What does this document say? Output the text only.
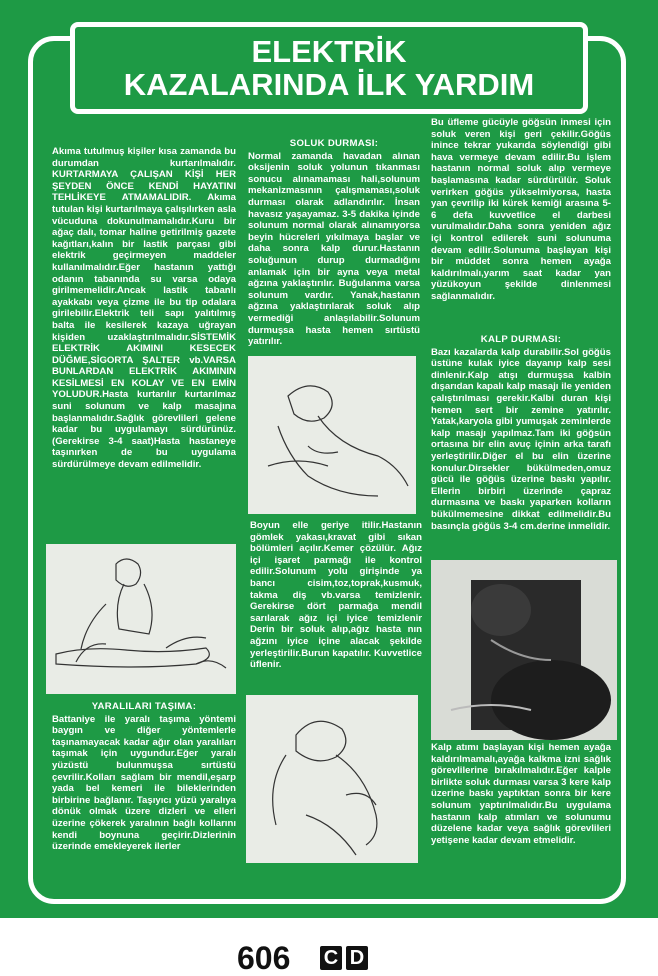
ELEKTRİK
KAZALARINDA İLK YARDIM

Akıma tutulmuş kişiler kısa zamanda bu durumdan kurtarılmalıdır. KURTARMAYA ÇALIŞAN KİŞİ HER ŞEYDEN ÖNCE KENDİ HAYATINI TEHLİKEYE ATMAMALIDIR. Akıma tutulan kişi kurtarılmaya çalışılırken asla vücuduna dokunulmamalıdır.Kuru bir ağaç dalı, tomar haline getirilmiş gazete kağıtları,kalın bir lastik parçası gibi elektrik geçirmeyen maddeler kullanılmalıdır.Eğer hastanın yattığı odanın tabanında su varsa odaya girilmemelidir.Ancak lastik tabanlı ayakkabı veya çizme ile bu tip odalara girilebilir.Elektrik teli sapı yalıtılmış balta ile kesilerek kazaya uğrayan kişiden uzaklaştırılmalıdır.SİSTEMİK ELEKTRİK AKIMINI KESECEK DÜĞME,SİGORTA ŞALTER vb.VARSA BUNLARDAN ELEKTRİK AKIMININ KESİLMESİ EN KOLAY VE EN EMİN YOLUDUR.Hasta kurtarılır kurtarılmaz suni solunum ve kalp masajına başlanmalıdır.Sağlık görevlileri gelene kadar bu uygulamayı sürdürünüz.(Gerekirse 3-4 saat)Hasta hastaneye taşınırken de bu uygulama sürdürülmeye devam edilmelidir.

YARALILARI TAŞIMA:

Battaniye ile yaralı taşıma yöntemi baygın ve diğer yöntemlerle taşınamayacak kadar ağır olan yaralıları taşımak için uygundur.Eğer yaralı yüzüstü bulunmuşsa sırtüstü çevrilir.Kolları sağlam bir mendil,eşarp yada bel kemeri ile bileklerinden birbirine bağlanır. Taşıyıcı yüzü yaralıya dönük olmak üzere dizleri ve elleri üzerine çökerek yaralının bağlı kollarını kendi boynuna geçirir.Dizlerinin üzerinde emekleyerek ilerler

SOLUK DURMASI:

Normal zamanda havadan alınan oksijenin soluk yolunun tıkanması sonucu alınamaması hali,solunum mekanizmasının çalışmaması,soluk durması olarak adlandırılır. İnsan havasız yaşayamaz. 3-5 dakika içinde solunum normal olarak alınamıyorsa beyin hücreleri yıkılmaya başlar ve daha sonra kalp durur.Hastanın soluğunun durup durmadığını anlamak için bir ayna veya metal ağzına yaklaştırılır. Buğulanma varsa solunum vardır. Yanak,hastanın ağzına yaklaştırılarak soluk alıp vermediği anlaşılabilir.Solunum durmuşsa hasta hemen sırtüstü yatırılır.

Boyun elle geriye itilir.Hastanın gömlek yakası,kravat gibi sıkan bölümleri açılır.Kemer çözülür. Ağız içi işaret parmağı ile kontrol edilir.Solunum yolu girişinde ya bancı cisim,toz,toprak,kusmuk, takma diş vb.varsa temizlenir. Gerekirse dört parmağa mendil sarılarak ağız içi iyice temizlenir Derin bir soluk alıp,ağız hasta nın ağzını iyice içine alacak şekilde yerleştirilir.Burun kapatılır. Kuvvetlice üflenir.

Bu üfleme gücüyle göğsün inmesi için soluk veren kişi geri çekilir.Göğüs inince tekrar yukarıda söylendiği gibi hava vermeye devam edilir.Bu işlem hastanın normal soluk alıp vermeye başlamasına kadar sürdürülür. Soluk verirken göğüs yükselmiyorsa, hasta yan çevrilip iki kürek kemiği arasına 5-6 defa kuvvetlice el darbesi vurulmalıdır.Daha sonra yeniden ağız içi kontrol edilerek suni solunuma devam edilir.Solunuma başlayan kişi bir müddet sonra hemen ayağa kaldırılmalı,yarım saat kadar yan yüzükoyun şekilde dinlenmesi sağlanmalıdır.

KALP DURMASI:

Bazı kazalarda kalp durabilir.Sol göğüs üstüne kulak iyice dayanıp kalp sesi dinlenir.Kalp atışı durmuşsa kalbin dışarıdan kapalı kalp masajı ile yeniden çalıştırılması gerekir.Kalbi duran kişi hemen sert bir zemine yatırılır. Yatak,karyola gibi yumuşak zeminlerde kalp masajı yapılmaz.Tam iki göğsün ortasına bir elin avuç içinin arka tarafı yerleştirilir.Diğer el bu elin üzerine konulur.Dirsekler bükülmeden,omuz gücü ile göğüs üzerine baskı yapılır. Ellerin birbiri üzerinde çapraz durmasına ve baskı yaparken kolların bükülmemesine dikkat edilmelidir.Bu basınçla göğüs 3-4 cm.derine inmelidir.

Kalp atımı başlayan kişi hemen ayağa kaldırılmamalı,ayağa kalkma izni sağlık görevlilerine bırakılmalıdır.Eğer kalple birlikte soluk durması varsa 3 kere kalp üzerine baskı yaptıktan sonra bir kere solunum yaptırılmalıdır.Bu uygulama hastanın kalp atımları ve solunumu düzelene kadar veya sağlık görevlileri yetişene kadar devam etmelidir.

606 C D
